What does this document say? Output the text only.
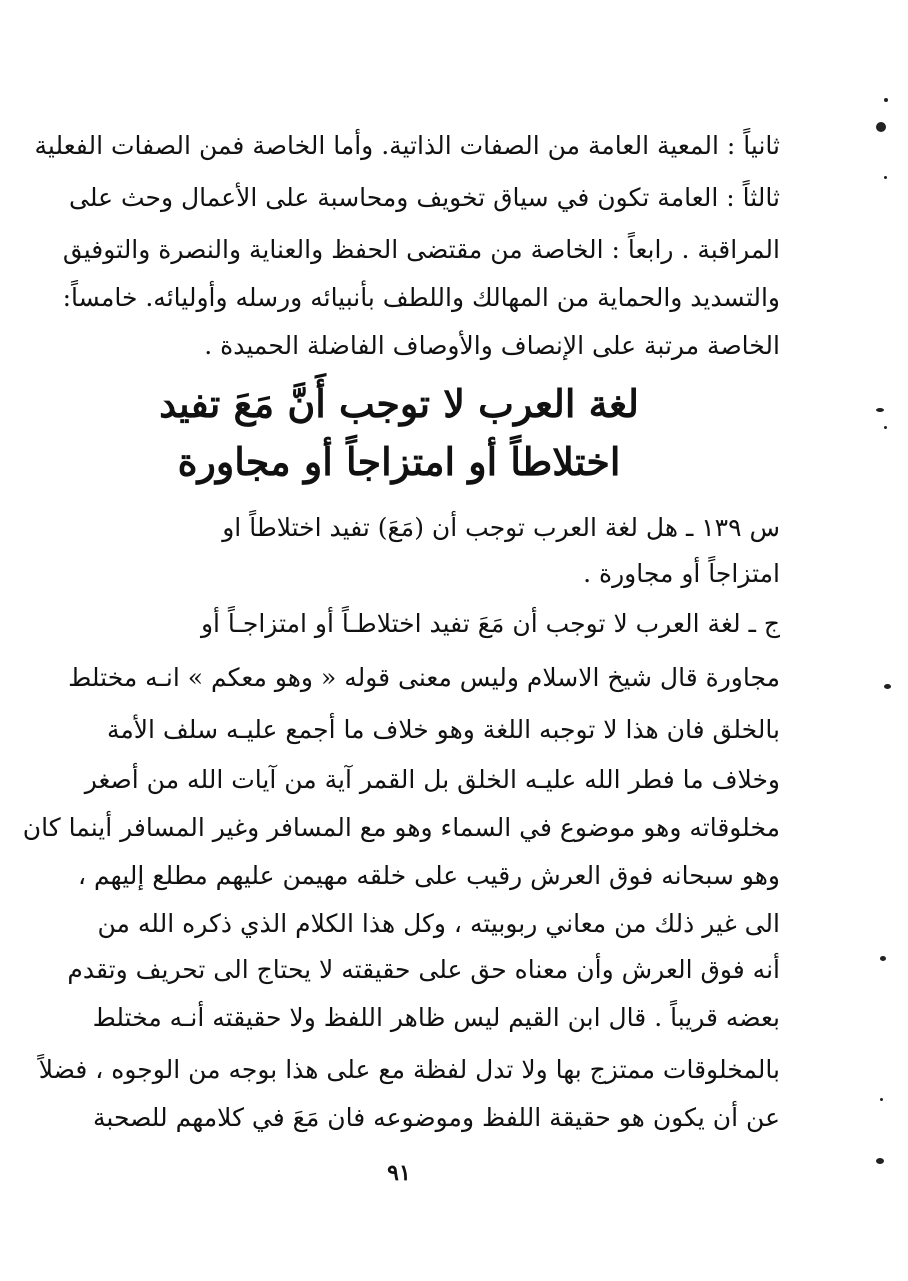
ثانياً : المعية العامة من الصفات الذاتية. وأما الخاصة فمن الصفات الفعلية
ثالثاً : العامة تكون في سياق تخويف ومحاسبة على الأعمال وحث على
المراقبة . رابعاً : الخاصة من مقتضى الحفظ والعناية والنصرة والتوفيق
والتسديد والحماية من المهالك واللطف بأنبيائه ورسله وأوليائه. خامساً:
الخاصة مرتبة على الإنصاف والأوصاف الفاضلة الحميدة .
لغة العرب لا توجب أَنَّ مَعَ تفيد
اختلاطاً أو امتزاجاً أو مجاورة
س ١٣٩ ـ هل لغة العرب توجب أن (مَعَ) تفيد اختلاطاً او
امتزاجاً أو مجاورة .
ج ـ لغة العرب لا توجب أن مَعَ تفيد اختلاطـاً أو امتزاجـاً أو
مجاورة قال شيخ الاسلام وليس معنى قوله « وهو معكم » انـه مختلط
بالخلق فان هذا لا توجبه اللغة وهو خلاف ما أجمع عليـه سلف الأمة
وخلاف ما فطر الله عليـه الخلق بل القمر آية من آيات الله من أصغر
مخلوقاته وهو موضوع في السماء وهو مع المسافر وغير المسافر أينما كان
وهو سبحانه فوق العرش رقيب على خلقه مهيمن عليهم مطلع إليهم ،
الى غير ذلك من معاني ربوبيته ، وكل هذا الكلام الذي ذكره الله من
أنه فوق العرش وأن معناه حق على حقيقته لا يحتاج الى تحريف وتقدم
بعضه قريباً . قال ابن القيم ليس ظاهر اللفظ ولا حقيقته أنـه مختلط
بالمخلوقات ممتزج بها ولا تدل لفظة مع على هذا بوجه من الوجوه ، فضلاً
عن أن يكون هو حقيقة اللفظ وموضوعه فان مَعَ في كلامهم للصحبة
٩١
